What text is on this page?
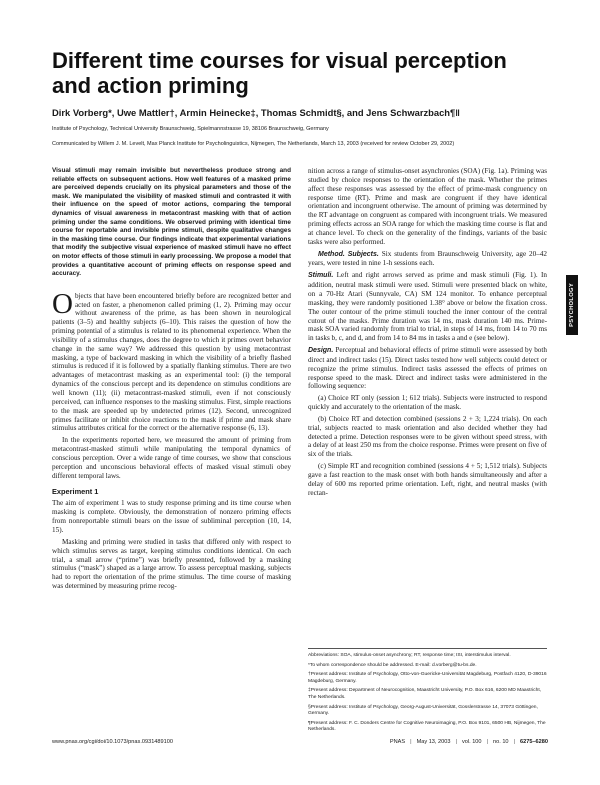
Different time courses for visual perception and action priming
Dirk Vorberg*, Uwe Mattler†, Armin Heinecke‡, Thomas Schmidt§, and Jens Schwarzbach¶‖
Institute of Psychology, Technical University Braunschweig, Spielmannstrasse 19, 38106 Braunschweig, Germany
Communicated by Willem J. M. Levelt, Max Planck Institute for Psycholinguistics, Nijmegen, The Netherlands, March 13, 2003 (received for review October 29, 2002)

Visual stimuli may remain invisible but nevertheless produce strong and reliable effects on subsequent actions. How well features of a masked prime are perceived depends crucially on its physical parameters and those of the mask. We manipulated the visibility of masked stimuli and contrasted it with their influence on the speed of motor actions, comparing the temporal dynamics of visual awareness in metacontrast masking with that of action priming under the same conditions. We observed priming with identical time course for reportable and invisible prime stimuli, despite qualitative changes in the masking time course. Our findings indicate that experimental variations that modify the subjective visual experience of masked stimuli have no effect on motor effects of those stimuli in early processing. We propose a model that provides a quantitative account of priming effects on response speed and accuracy.

Objects that have been encountered briefly before are recognized better and acted on faster, a phenomenon called priming (1, 2). Priming may occur without awareness of the prime, as has been shown in neurological patients (3–5) and healthy subjects (6–10). This raises the question of how the priming potential of a stimulus is related to its phenomenal experience. When the visibility of a stimulus changes, does the degree to which it primes overt behavior change in the same way? We addressed this question by using metacontrast masking, a type of backward masking in which the visibility of a briefly flashed stimulus is reduced if it is followed by a spatially flanking stimulus. There are two advantages of metacontrast masking as an experimental tool: (i) the temporal dynamics of the conscious percept and its dependence on stimulus conditions are well known (11); (ii) metacontrast-masked stimuli, even if not consciously perceived, can influence responses to the masking stimulus. First, simple reactions to the mask are speeded up by undetected primes (12). Second, unrecognized primes facilitate or inhibit choice reactions to the mask if prime and mask share stimulus attributes critical for the correct or the alternative response (6, 13).

In the experiments reported here, we measured the amount of priming from metacontrast-masked stimuli while manipulating the temporal dynamics of conscious perception. Over a wide range of time courses, we show that conscious perception and unconscious behavioral effects of masked visual stimuli obey different temporal laws.

Experiment 1

The aim of experiment 1 was to study response priming and its time course when masking is complete. Obviously, the demonstration of nonzero priming effects from nonreportable stimuli bears on the issue of subliminal perception (10, 14, 15).

Masking and priming were studied in tasks that differed only with respect to which stimulus serves as target, keeping stimulus conditions identical. On each trial, a small arrow (“prime”) was briefly presented, followed by a masking stimulus (“mask”) shaped as a large arrow. To assess perceptual masking, subjects had to report the orientation of the prime stimulus. The time course of masking was determined by measuring prime recog-

nition across a range of stimulus-onset asynchronies (SOA) (Fig. 1a). Priming was studied by choice responses to the orientation of the mask. Whether the primes affect these responses was assessed by the effect of prime-mask congruency on response time (RT). Prime and mask are congruent if they have identical orientation and incongruent otherwise. The amount of priming was determined by the RT advantage on congruent as compared with incongruent trials. We measured priming effects across an SOA range for which the masking time course is flat and at chance level. To check on the generality of the findings, variants of the basic tasks were also performed.

Method. Subjects. Six students from Braunschweig University, age 20–42 years, were tested in nine 1-h sessions each.

Stimuli. Left and right arrows served as prime and mask stimuli (Fig. 1). In addition, neutral mask stimuli were used. Stimuli were presented black on white, on a 70-Hz Atari (Sunnyvale, CA) SM 124 monitor. To enhance perceptual masking, they were randomly positioned 1.38° above or below the fixation cross. The outer contour of the prime stimuli touched the inner contour of the central cutout of the masks. Prime duration was 14 ms, mask duration 140 ms. Prime-mask SOA varied randomly from trial to trial, in steps of 14 ms, from 14 to 70 ms in tasks b, c, and d, and from 14 to 84 ms in tasks a and e (see below).

Design. Perceptual and behavioral effects of prime stimuli were assessed by both direct and indirect tasks (15). Direct tasks tested how well subjects could detect or recognize the prime stimulus. Indirect tasks assessed the effects of primes on response speed to the mask. Direct and indirect tasks were administered in the following sequence:

(a) Choice RT only (session 1; 612 trials). Subjects were instructed to respond quickly and accurately to the orientation of the mask.

(b) Choice RT and detection combined (sessions 2 + 3; 1,224 trials). On each trial, subjects reacted to mask orientation and also decided whether they had detected a prime. Detection responses were to be given without speed stress, with a delay of at least 250 ms from the choice response. Primes were present on five of six of the trials.

(c) Simple RT and recognition combined (sessions 4 + 5; 1,512 trials). Subjects gave a fast reaction to the mask onset with both hands simultaneously and after a delay of 600 ms reported prime orientation. Left, right, and neutral masks (with rectan-

Abbreviations: SOA, stimulus-onset asynchrony; RT, response time; ISI, interstimulus interval.

*To whom correspondence should be addressed. E-mail: d.vorberg@tu-bs.de.

†Present address: Institute of Psychology, Otto-von-Guericke-Universität Magdeburg, Postfach 4120, D-39016 Magdeburg, Germany.

‡Present address: Department of Neurocognition, Maastricht University, P.O. Box 616, 6200 MD Maastricht, The Netherlands.

§Present address: Institute of Psychology, Georg-August-Universität, Gosslerstrasse 14, 37073 Göttingen, Germany.

¶Present address: F. C. Donders Centre for Cognitive Neuroimaging, P.O. Box 9101, 6500 HB, Nijmegen, The Netherlands.

PSYCHOLOGY
www.pnas.org/cgi/doi/10.1073/pnas.0931489100	PNAS | May 13, 2003 | vol. 100 | no. 10 | 6275–6280
